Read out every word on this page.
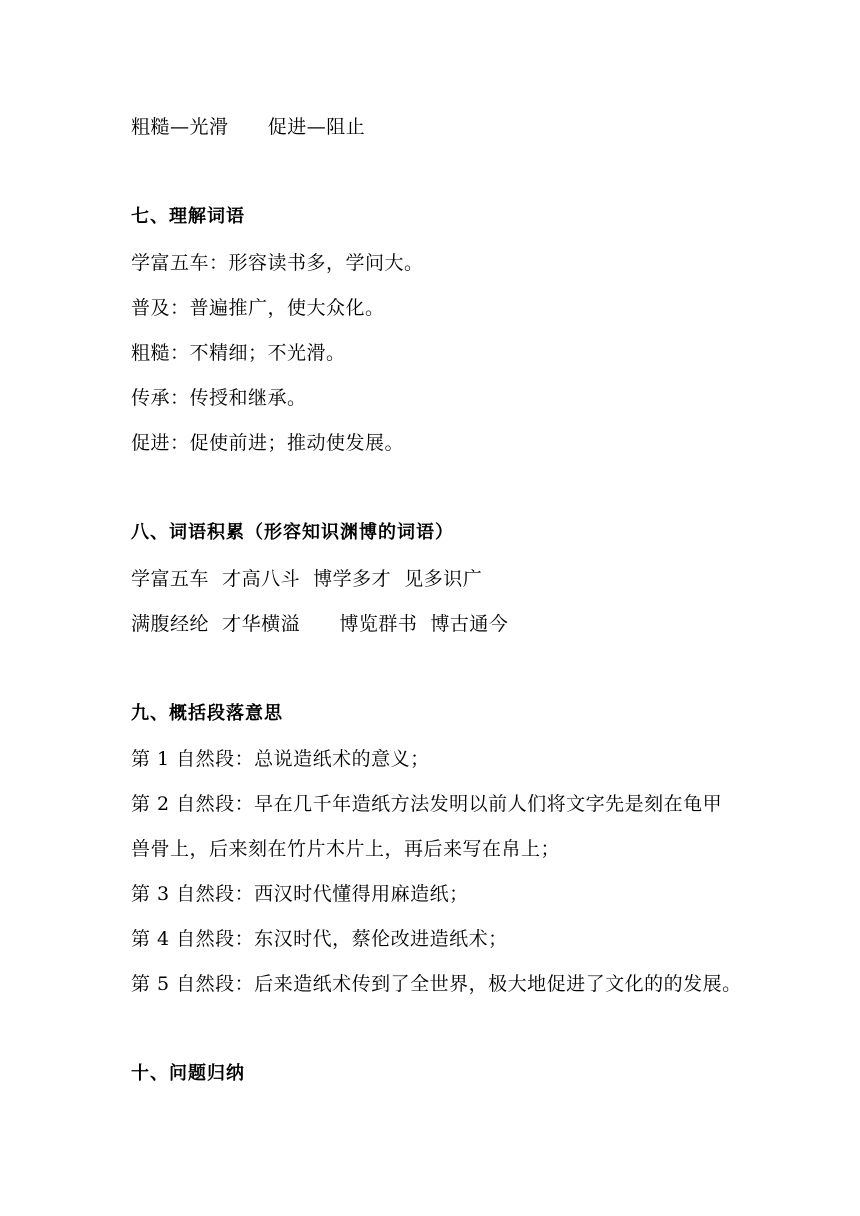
粗糙—光滑      促进—阻止
七、理解词语
学富五车：形容读书多，学问大。
普及：普遍推广，使大众化。
粗糙：不精细；不光滑。
传承：传授和继承。
促进：促使前进；推动使发展。
八、词语积累（形容知识渊博的词语）
学富五车  才高八斗  博学多才  见多识广
满腹经纶  才华横溢      博览群书  博古通今
九、概括段落意思
第 1 自然段：总说造纸术的意义；
第 2 自然段：早在几千年造纸方法发明以前人们将文字先是刻在龟甲
兽骨上，后来刻在竹片木片上，再后来写在帛上；
第 3 自然段：西汉时代懂得用麻造纸；
第 4 自然段：东汉时代，蔡伦改进造纸术；
第 5 自然段：后来造纸术传到了全世界，极大地促进了文化的的发展。
十、问题归纳
